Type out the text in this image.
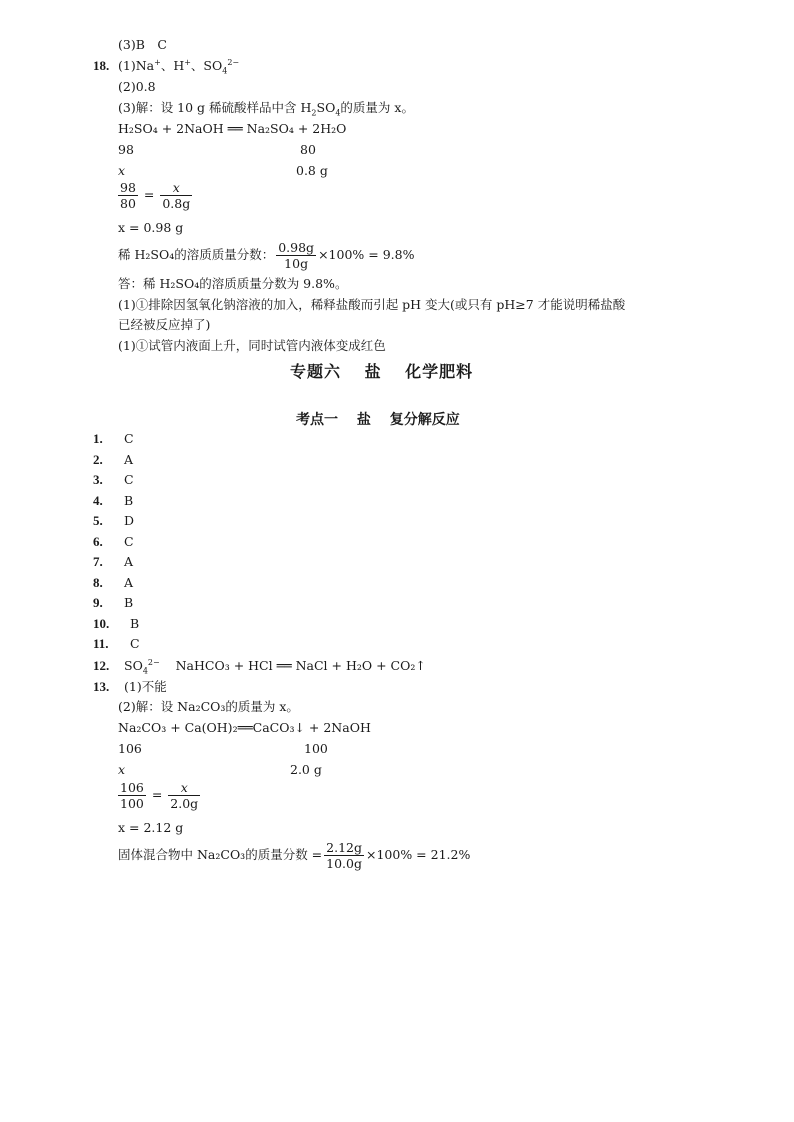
(3)B　C
18. (1)Na+、H+、$SO_4^{2-}$
(2)0.8
(3)解：设 10 g 稀硫酸样品中含 $H_2SO_4$的质量为 x。
H₂SO₄ + 2NaOH ══ Na₂SO₄ + 2H₂O
98	80
x	0.8 g
$\frac{98}{80} = \frac{x}{0.8g}$
x = 0.98 g
稀 H₂SO₄的溶质质量分数： $\frac{0.98g}{10g} \times 100\% = 9.8\%$
答：稀 H₂SO₄的溶质质量分数为 9.8%。
(1)①排除因氢氧化钠溶液的加入，稀释盐酸而引起 pH 变大(或只有 pH≥7 才能说明稀盐酸
已经被反应掉了)
(1)①试管内液面上升，同时试管内液体变成红色
专题六　 盐　 化学肥料
考点一　 盐　 复分解反应
1. C
2. A
3. C
4. B
5. D
6. C
7. A
8. A
9. B
10. B
11. C
12. $SO_4^{2-}$ NaHCO₃ + HCl ══ NaCl + H₂O + CO₂↑
13. (1)不能
(2)解：设 Na₂CO₃的质量为 x。
Na₂CO₃ + Ca(OH)₂══CaCO₃↓ + 2NaOH
106	100
x	2.0 g
$\frac{106}{100} = \frac{x}{2.0g}$
x = 2.12 g
固体混合物中 Na₂CO₃的质量分数 = $\frac{2.12g}{10.0g} \times 100\% = 21.2\%$
